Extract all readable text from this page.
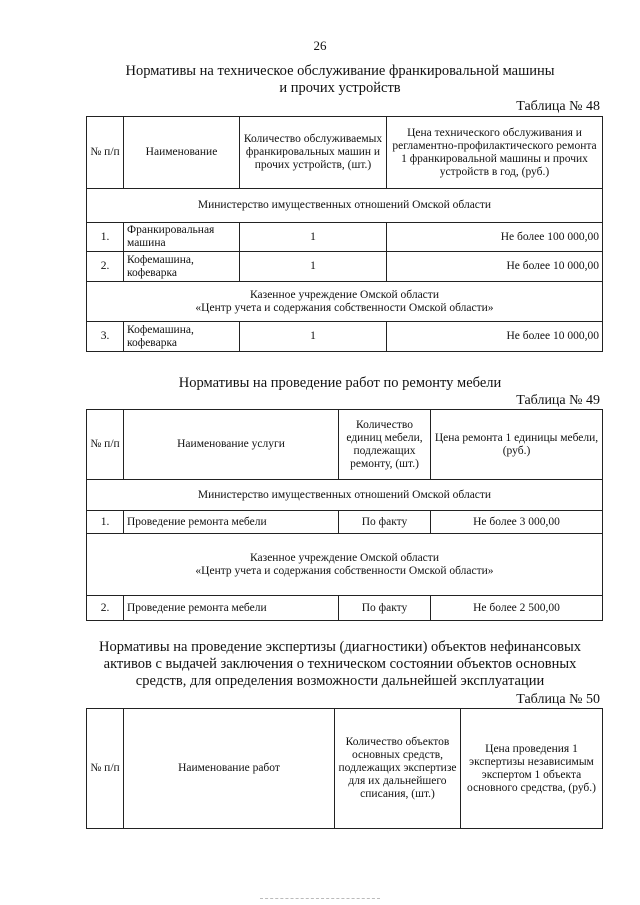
26
Нормативы на техническое обслуживание франкировальной машины
и прочих устройств
Таблица № 48
№ п/п	Наименование	Количество обслуживаемых франкировальных машин и прочих устройств, (шт.)	Цена технического обслуживания и регламентно-профилактического ремонта 1 франкировальной машины и прочих устройств в год, (руб.)
Министерство имущественных отношений Омской области			
1.	Франкировальная машина	1	Не более 100 000,00
2.	Кофемашина, кофеварка	1	Не более 10 000,00

Казенное учреждение Омской области
«Центр учета и содержания собственности Омской области»			

3.	Кофемашина, кофеварка	1	Не более 10 000,00
Нормативы на проведение работ по ремонту мебели
Таблица № 49
№ п/п	Наименование услуги	Количество единиц мебели, подлежащих ремонту, (шт.)	Цена ремонта 1 единицы мебели, (руб.)
Министерство имущественных отношений Омской области			
1.	Проведение ремонта мебели	По факту	Не более 3 000,00

Казенное учреждение Омской области
«Центр учета и содержания собственности Омской области»			

2.	Проведение ремонта мебели	По факту	Не более 2 500,00
Нормативы на проведение экспертизы (диагностики) объектов нефинансовых
активов с выдачей заключения о техническом состоянии объектов основных
средств, для определения возможности дальнейшей эксплуатации
Таблица № 50
№ п/п	Наименование работ	Количество объектов основных средств, подлежащих экспертизе для их дальнейшего списания, (шт.)	Цена проведения 1 экспертизы независимым экспертом 1 объекта основного средства, (руб.)
